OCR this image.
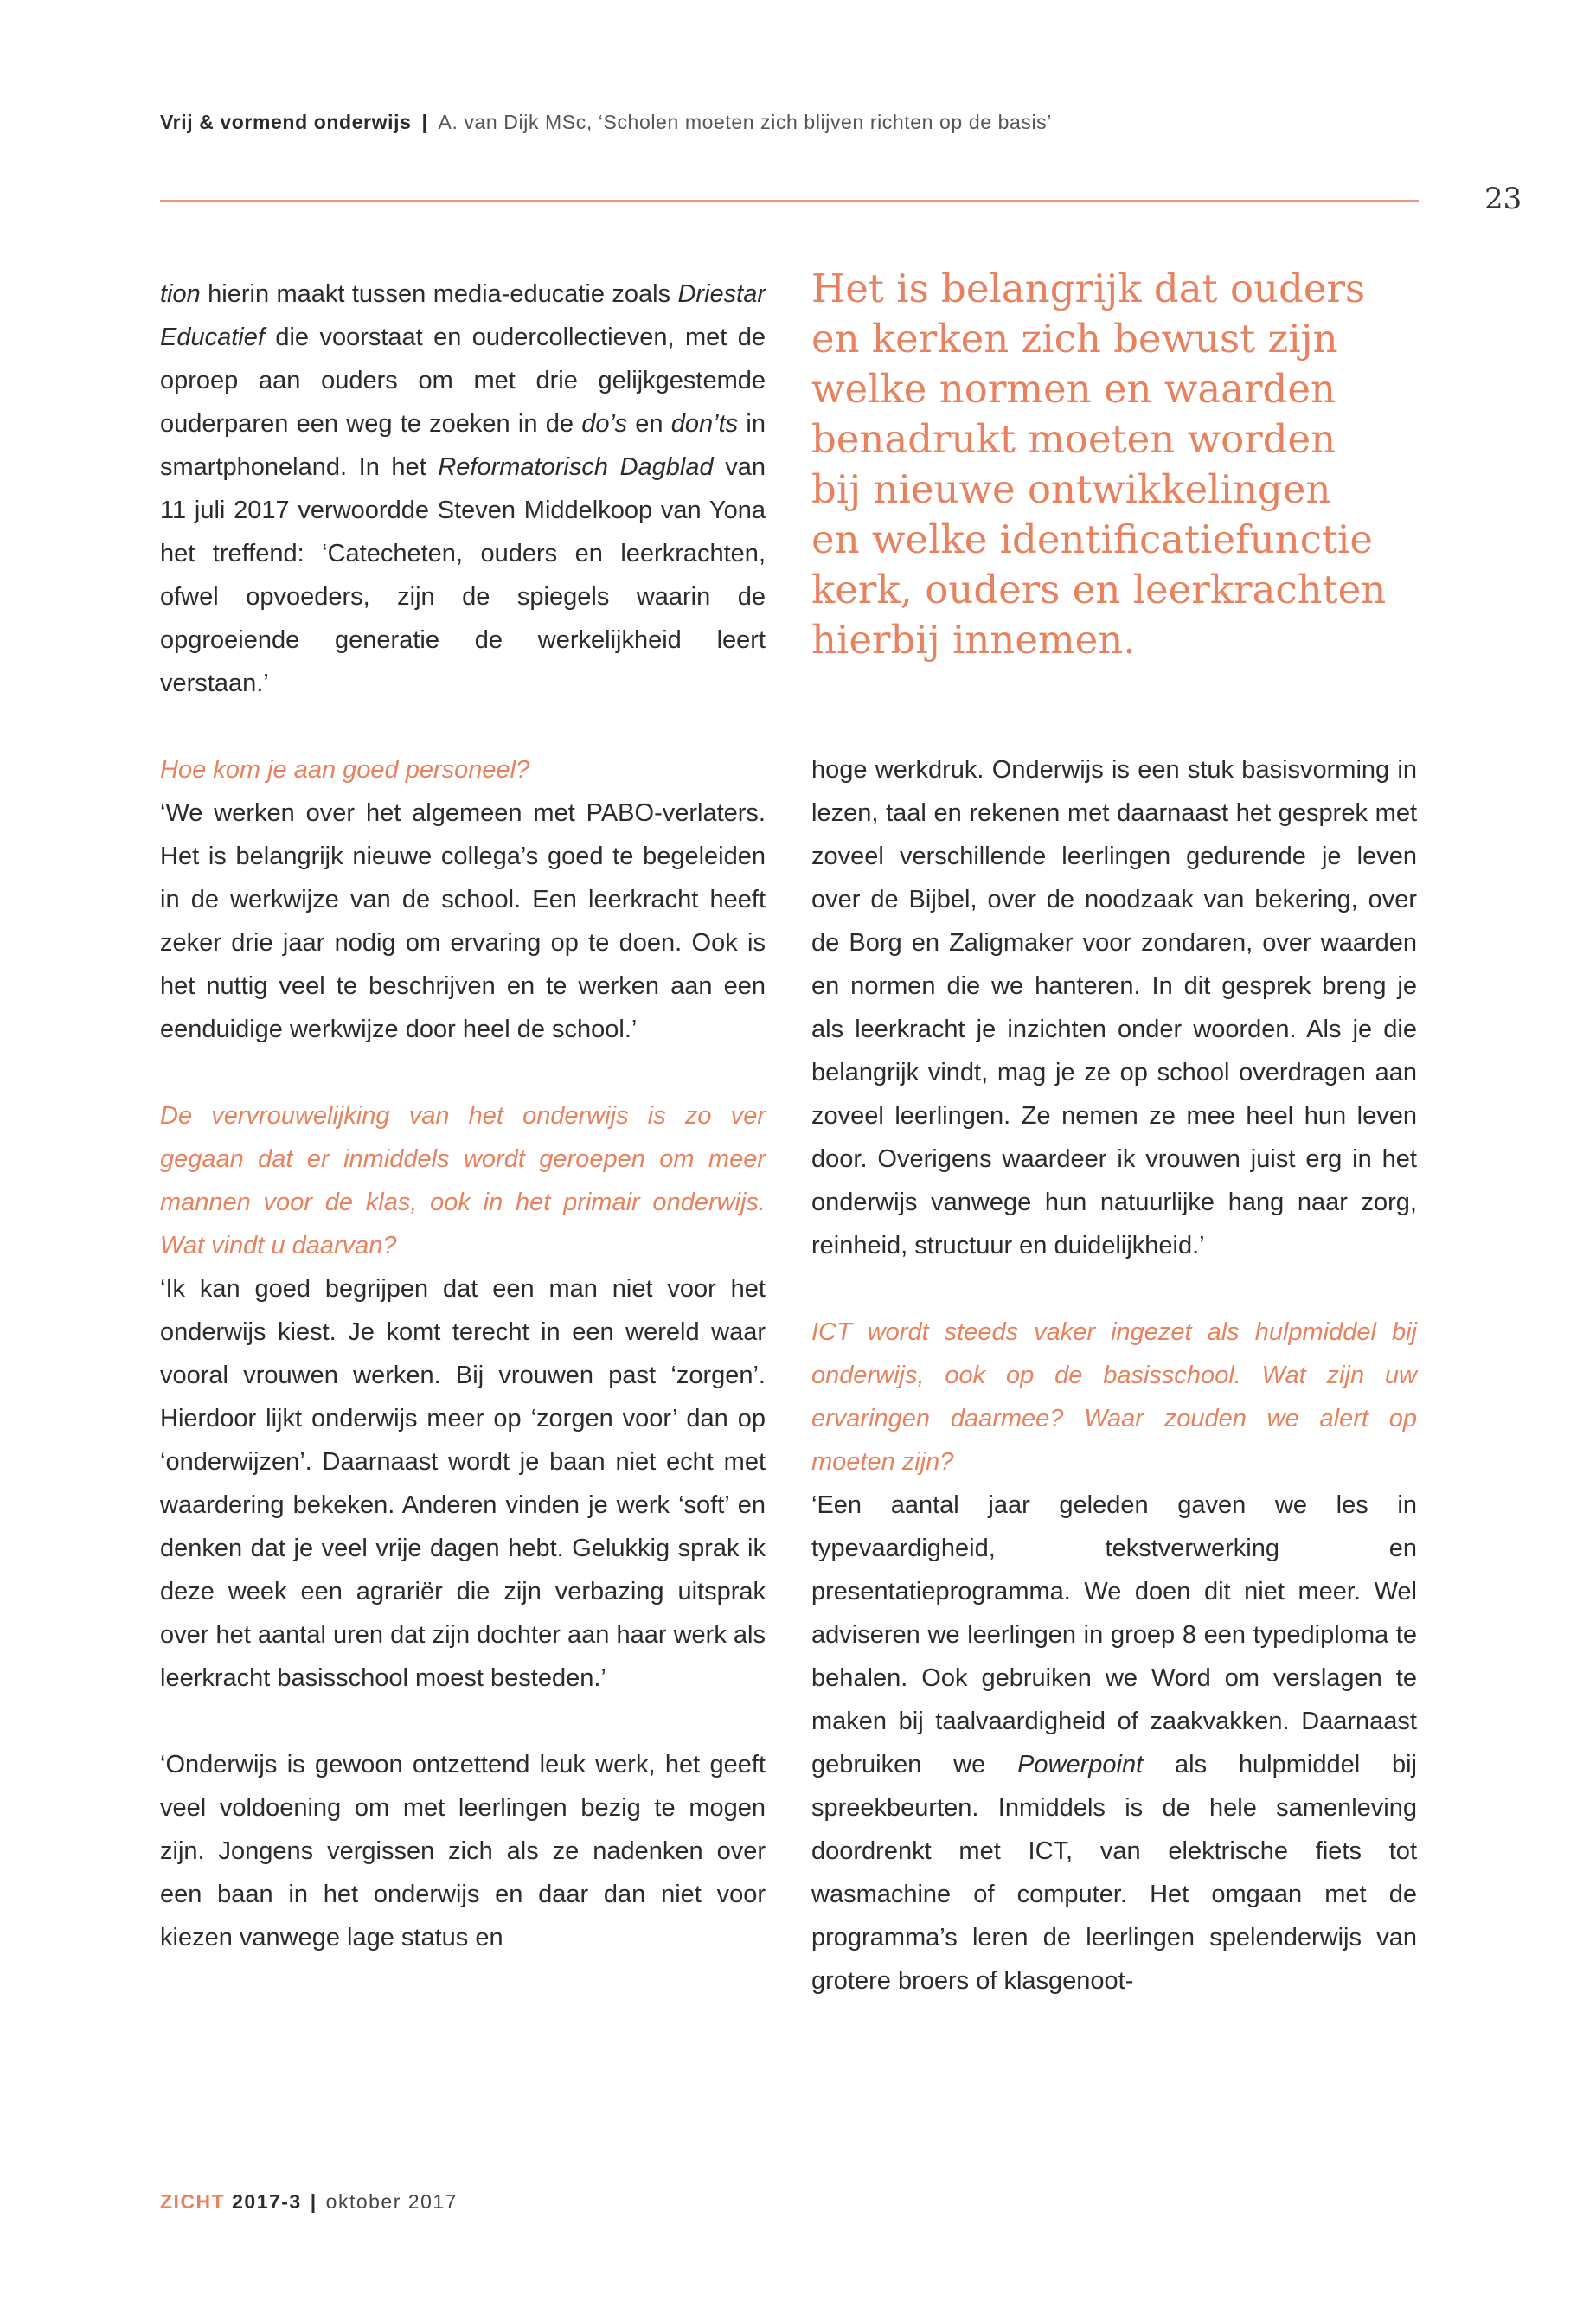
Vrij & vormend onderwijs | A. van Dijk MSc, ‘Scholen moeten zich blijven richten op de basis’
23

tion hierin maakt tussen media-educatie zoals Driestar Educatief die voorstaat en oudercollectieven, met de oproep aan ouders om met drie gelijkgestemde ouderparen een weg te zoeken in de do’s en don’ts in smartphoneland. In het Reformatorisch Dagblad van 11 juli 2017 verwoordde Steven Middelkoop van Yona het treffend: ‘Catecheten, ouders en leerkrachten, ofwel opvoeders, zijn de spiegels waarin de opgroeiende generatie de werkelijkheid leert verstaan.’

Het is belangrijk dat ouders
en kerken zich bewust zijn
welke normen en waarden
benadrukt moeten worden
bij nieuwe ontwikkelingen
en welke identificatiefunctie
kerk, ouders en leerkrachten
hierbij innemen.

Hoe kom je aan goed personeel?

‘We werken over het algemeen met PABO-verlaters. Het is belangrijk nieuwe collega’s goed te begeleiden in de werkwijze van de school. Een leerkracht heeft zeker drie jaar nodig om ervaring op te doen. Ook is het nuttig veel te beschrijven en te werken aan een eenduidige werkwijze door heel de school.’

De vervrouwelijking van het onderwijs is zo ver gegaan dat er inmiddels wordt geroepen om meer mannen voor de klas, ook in het primair onderwijs. Wat vindt u daarvan?

‘Ik kan goed begrijpen dat een man niet voor het onderwijs kiest. Je komt terecht in een wereld waar vooral vrouwen werken. Bij vrouwen past ‘zorgen’. Hierdoor lijkt onderwijs meer op ‘zorgen voor’ dan op ‘onderwijzen’. Daarnaast wordt je baan niet echt met waardering bekeken. Anderen vinden je werk ‘soft’ en denken dat je veel vrije dagen hebt. Gelukkig sprak ik deze week een agrariër die zijn verbazing uitsprak over het aantal uren dat zijn dochter aan haar werk als leerkracht basisschool moest besteden.’

‘Onderwijs is gewoon ontzettend leuk werk, het geeft veel voldoening om met leerlingen bezig te mogen zijn. Jongens vergissen zich als ze nadenken over een baan in het onderwijs en daar dan niet voor kiezen vanwege lage status en

hoge werkdruk. Onderwijs is een stuk basisvorming in lezen, taal en rekenen met daarnaast het gesprek met zoveel verschillende leerlingen gedurende je leven over de Bijbel, over de noodzaak van bekering, over de Borg en Zaligmaker voor zondaren, over waarden en normen die we hanteren. In dit gesprek breng je als leerkracht je inzichten onder woorden. Als je die belangrijk vindt, mag je ze op school overdragen aan zoveel leerlingen. Ze nemen ze mee heel hun leven door. Overigens waardeer ik vrouwen juist erg in het onderwijs vanwege hun natuurlijke hang naar zorg, reinheid, structuur en duidelijkheid.’

ICT wordt steeds vaker ingezet als hulpmiddel bij onderwijs, ook op de basisschool. Wat zijn uw ervaringen daarmee? Waar zouden we alert op moeten zijn?

‘Een aantal jaar geleden gaven we les in typevaardigheid, tekstverwerking en presentatieprogramma. We doen dit niet meer. Wel adviseren we leerlingen in groep 8 een typediploma te behalen. Ook gebruiken we Word om verslagen te maken bij taalvaardigheid of zaakvakken. Daarnaast gebruiken we Powerpoint als hulpmiddel bij spreekbeurten. Inmiddels is de hele samenleving doordrenkt met ICT, van elektrische fiets tot wasmachine of computer. Het omgaan met de programma’s leren de leerlingen spelenderwijs van grotere broers of klasgenoot-

ZICHT 2017-3 | oktober 2017
